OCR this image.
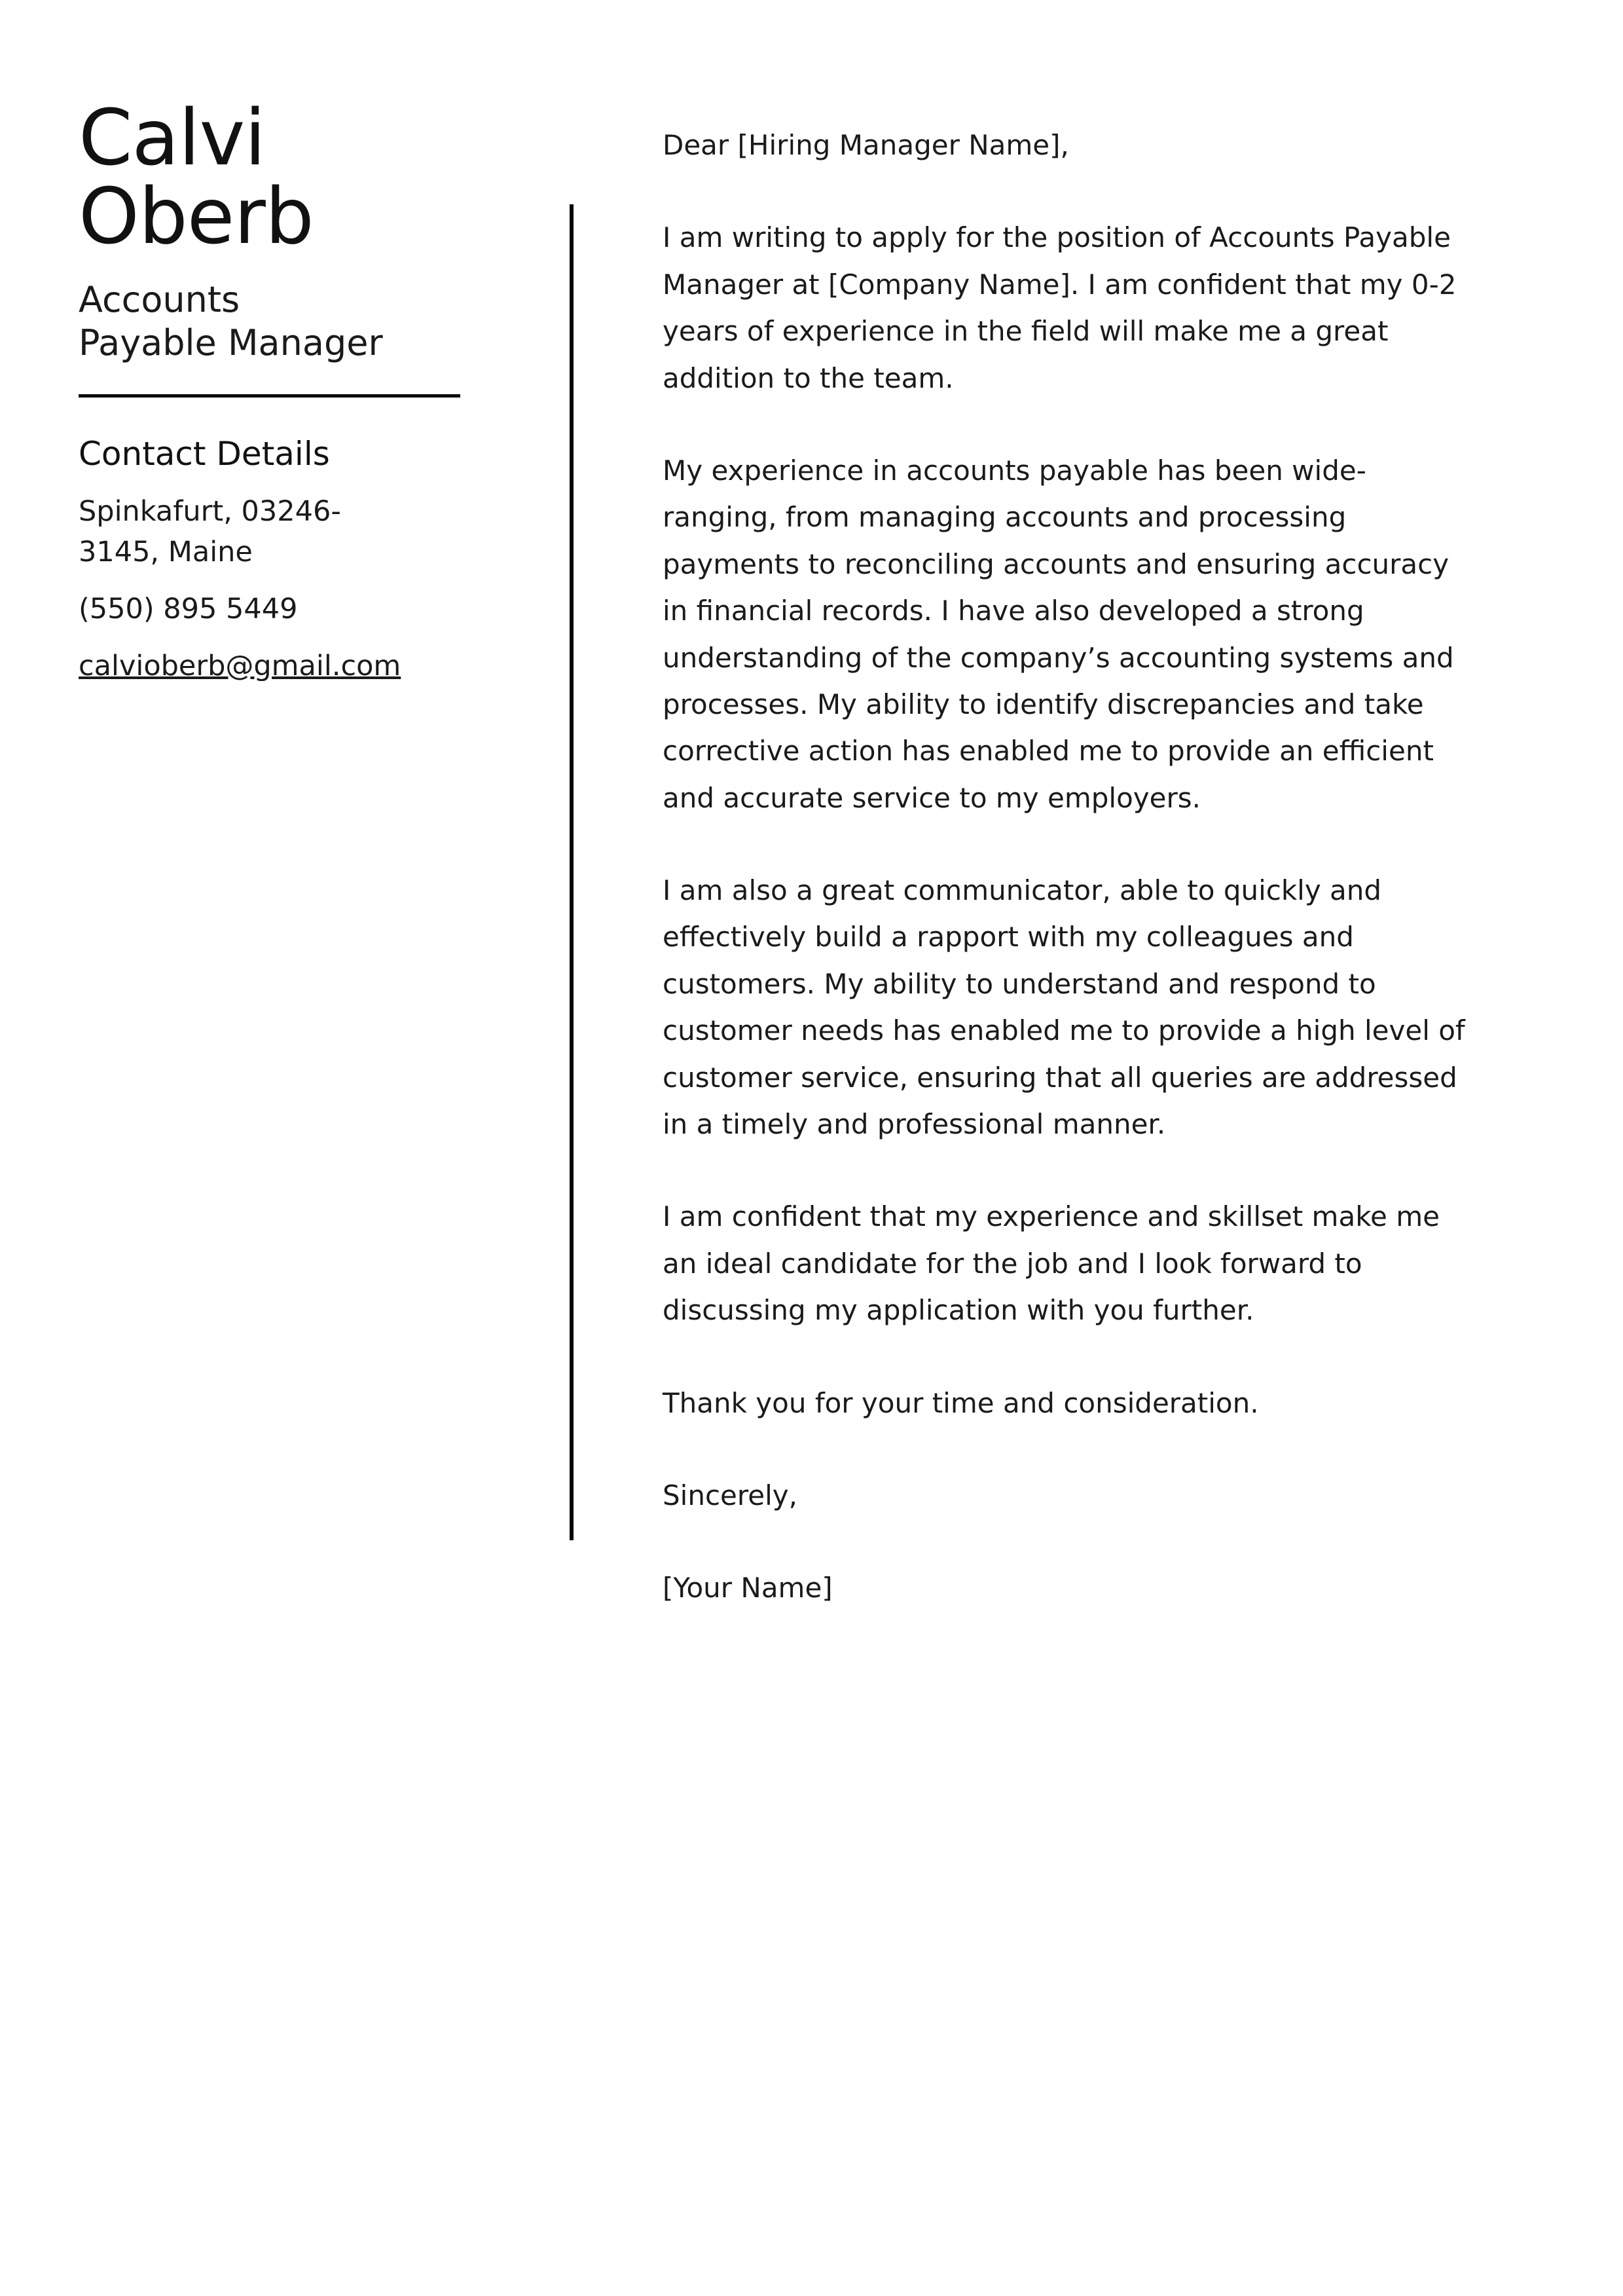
Calvi
Oberb
Accounts Payable Manager
Contact Details
Spinkafurt, 03246-3145, Maine
(550) 895 5449
calvioberb@gmail.com

Dear [Hiring Manager Name],

I am writing to apply for the position of Accounts Payable Manager at [Company Name]. I am confident that my 0-2 years of experience in the field will make me a great addition to the team.

My experience in accounts payable has been wide-ranging, from managing accounts and processing payments to reconciling accounts and ensuring accuracy in financial records. I have also developed a strong understanding of the company’s accounting systems and processes. My ability to identify discrepancies and take corrective action has enabled me to provide an efficient and accurate service to my employers.

I am also a great communicator, able to quickly and effectively build a rapport with my colleagues and customers. My ability to understand and respond to customer needs has enabled me to provide a high level of customer service, ensuring that all queries are addressed in a timely and professional manner.

I am confident that my experience and skillset make me an ideal candidate for the job and I look forward to discussing my application with you further.

Thank you for your time and consideration.

Sincerely,

[Your Name]
